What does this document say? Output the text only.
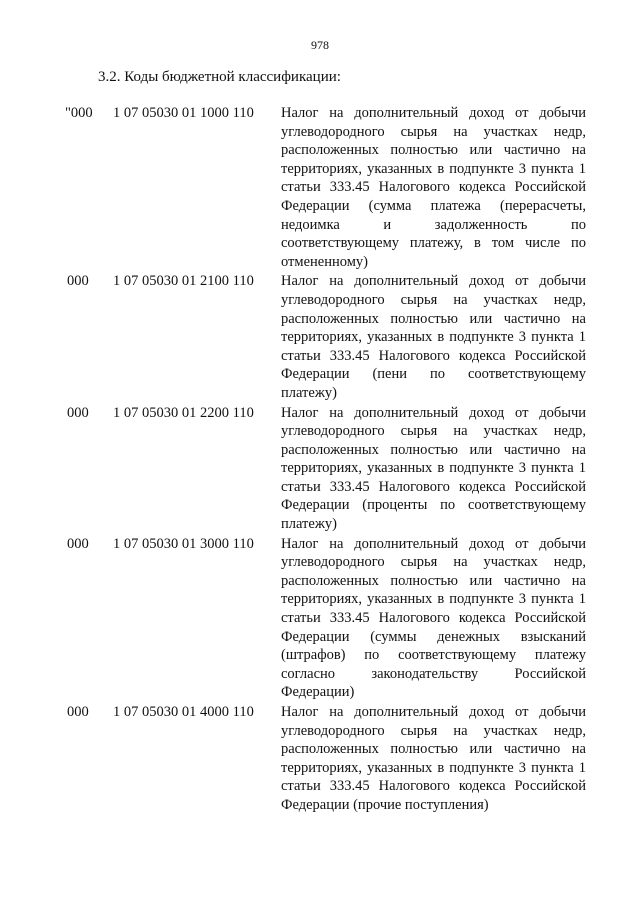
978
3.2. Коды бюджетной классификации:
"000	1 07 05030 01 1000 110	Налог на дополнительный доход от добычи углеводородного сырья на участках недр, расположенных полностью или частично на территориях, указанных в подпункте 3 пункта 1 статьи 333.45 Налогового кодекса Российской Федерации (сумма платежа (перерасчеты, недоимка и задолженность по соответствующему платежу, в том числе по отмененному)
000	1 07 05030 01 2100 110	Налог на дополнительный доход от добычи углеводородного сырья на участках недр, расположенных полностью или частично на территориях, указанных в подпункте 3 пункта 1 статьи 333.45 Налогового кодекса Российской Федерации (пени по соответствующему платежу)
000	1 07 05030 01 2200 110	Налог на дополнительный доход от добычи углеводородного сырья на участках недр, расположенных полностью или частично на территориях, указанных в подпункте 3 пункта 1 статьи 333.45 Налогового кодекса Российской Федерации (проценты по соответствующему платежу)
000	1 07 05030 01 3000 110	Налог на дополнительный доход от добычи углеводородного сырья на участках недр, расположенных полностью или частично на территориях, указанных в подпункте 3 пункта 1 статьи 333.45 Налогового кодекса Российской Федерации (суммы денежных взысканий (штрафов) по соответствующему платежу согласно законодательству Российской Федерации)
000	1 07 05030 01 4000 110	Налог на дополнительный доход от добычи углеводородного сырья на участках недр, расположенных полностью или частично на территориях, указанных в подпункте 3 пункта 1 статьи 333.45 Налогового кодекса Российской Федерации (прочие поступления)
